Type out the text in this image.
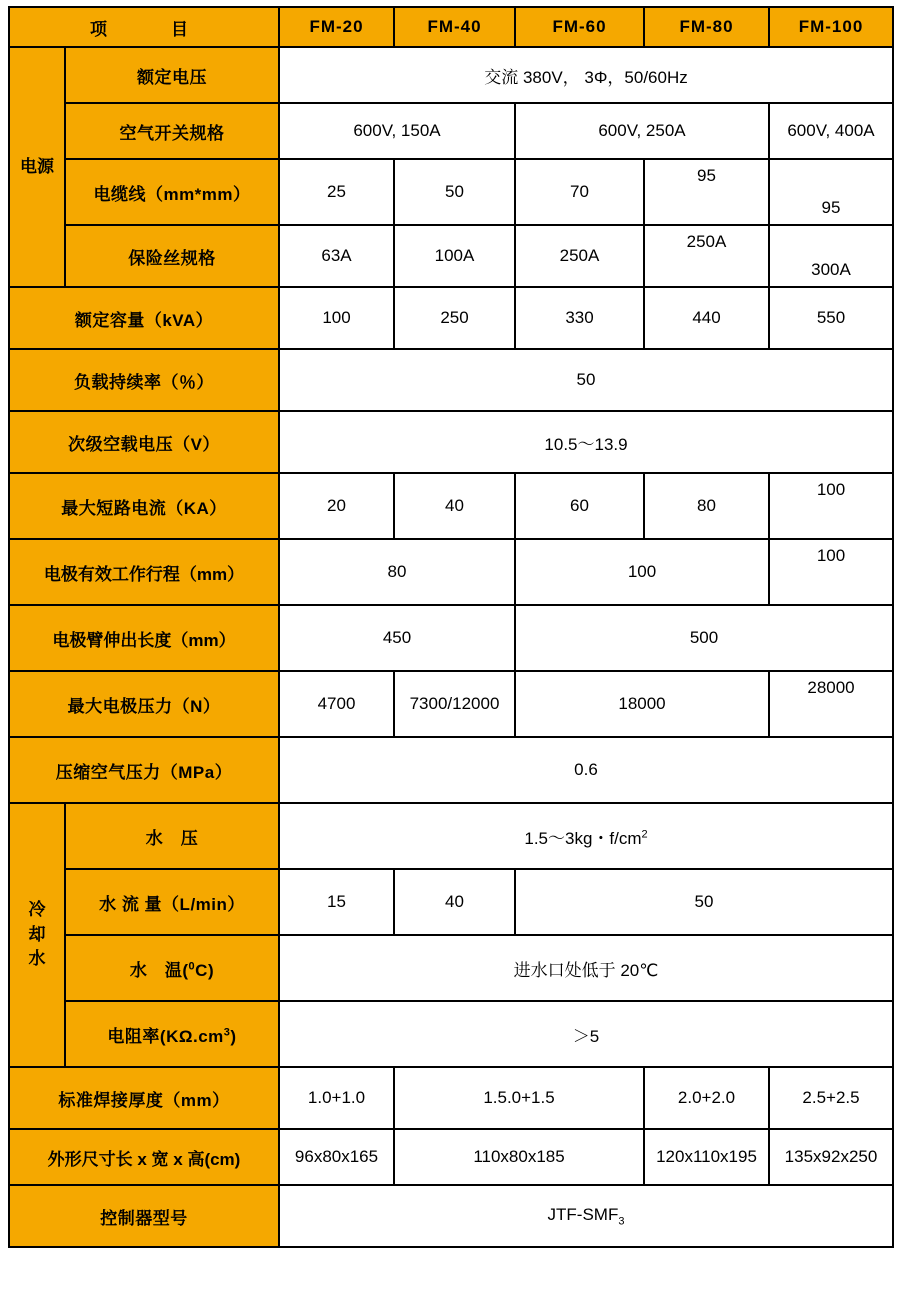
项　　目		FM-20	FM-40	FM-60	FM-80	FM-100
电源	额定电压	交流 380V， 3Φ，50/60Hz				
	空气开关规格	600V, 150A		600V, 250A		600V, 400A
	电缆线（mm*mm）	25	50	70	95	95
	保险丝规格	63A	100A	250A	250A	300A
额定容量（kVA）		100	250	330	440	550
负载持续率（％）		50				
次级空载电压（V）		10.5～13.9				
最大短路电流（KA）		20	40	60	80	100
电极有效工作行程（mm）		80		100		100
电极臂伸出长度（mm）		450		500		
最大电极压力（N）		4700	7300/12000	18000		28000
压缩空气压力（MPa）		0.6				
冷
却
水	水　压	1.5～3kg・$f/cm^2$
	水 流 量（L/min）	15	40	50		
	水　温($^0$C)	进水口处低于 20℃				
	电阻率$(K\Omega.cm^3)$	＞5				
标准焊接厚度（mm）		1.0+1.0	1.5.0+1.5		2.0+2.0	2.5+2.5
外形尺寸长 x 宽 x 高(cm)		96x80x165	110x80x185		120x110x195	135x92x250
控制器型号		JTF-$SMF_3$
